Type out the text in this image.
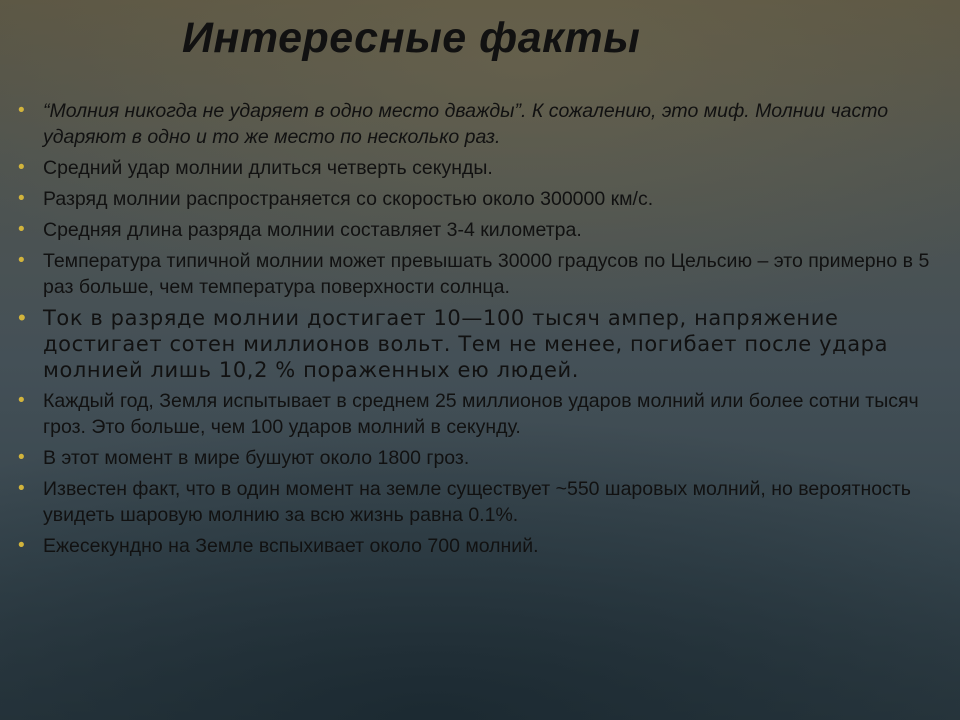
Интересные факты
• “Молния никогда не ударяет в одно место дважды”. К сожалению, это миф. Молнии часто ударяют в одно и то же место по несколько раз.
• Средний удар молнии длиться четверть секунды.
• Разряд молнии распространяется со скоростью около 300000 км/с.
• Средняя длина разряда молнии составляет 3-4 километра.
• Температура типичной молнии может превышать 30000 градусов по Цельсию – это примерно в 5 раз больше, чем температура поверхности солнца.
• Ток в разряде молнии достигает 10—100 тысяч ампер, напряжение достигает сотен миллионов вольт. Тем не менее, погибает после удара молнией лишь 10,2 % пораженных ею людей.
• Каждый год, Земля испытывает в среднем 25 миллионов ударов молний или более сотни тысяч гроз. Это больше, чем 100 ударов молний в секунду.
• В этот момент в мире бушуют около 1800 гроз.
• Известен факт, что в один момент на земле существует ~550 шаровых молний, но вероятность увидеть шаровую молнию за всю жизнь равна 0.1%.
• Ежесекундно на Земле вспыхивает около 700 молний.
